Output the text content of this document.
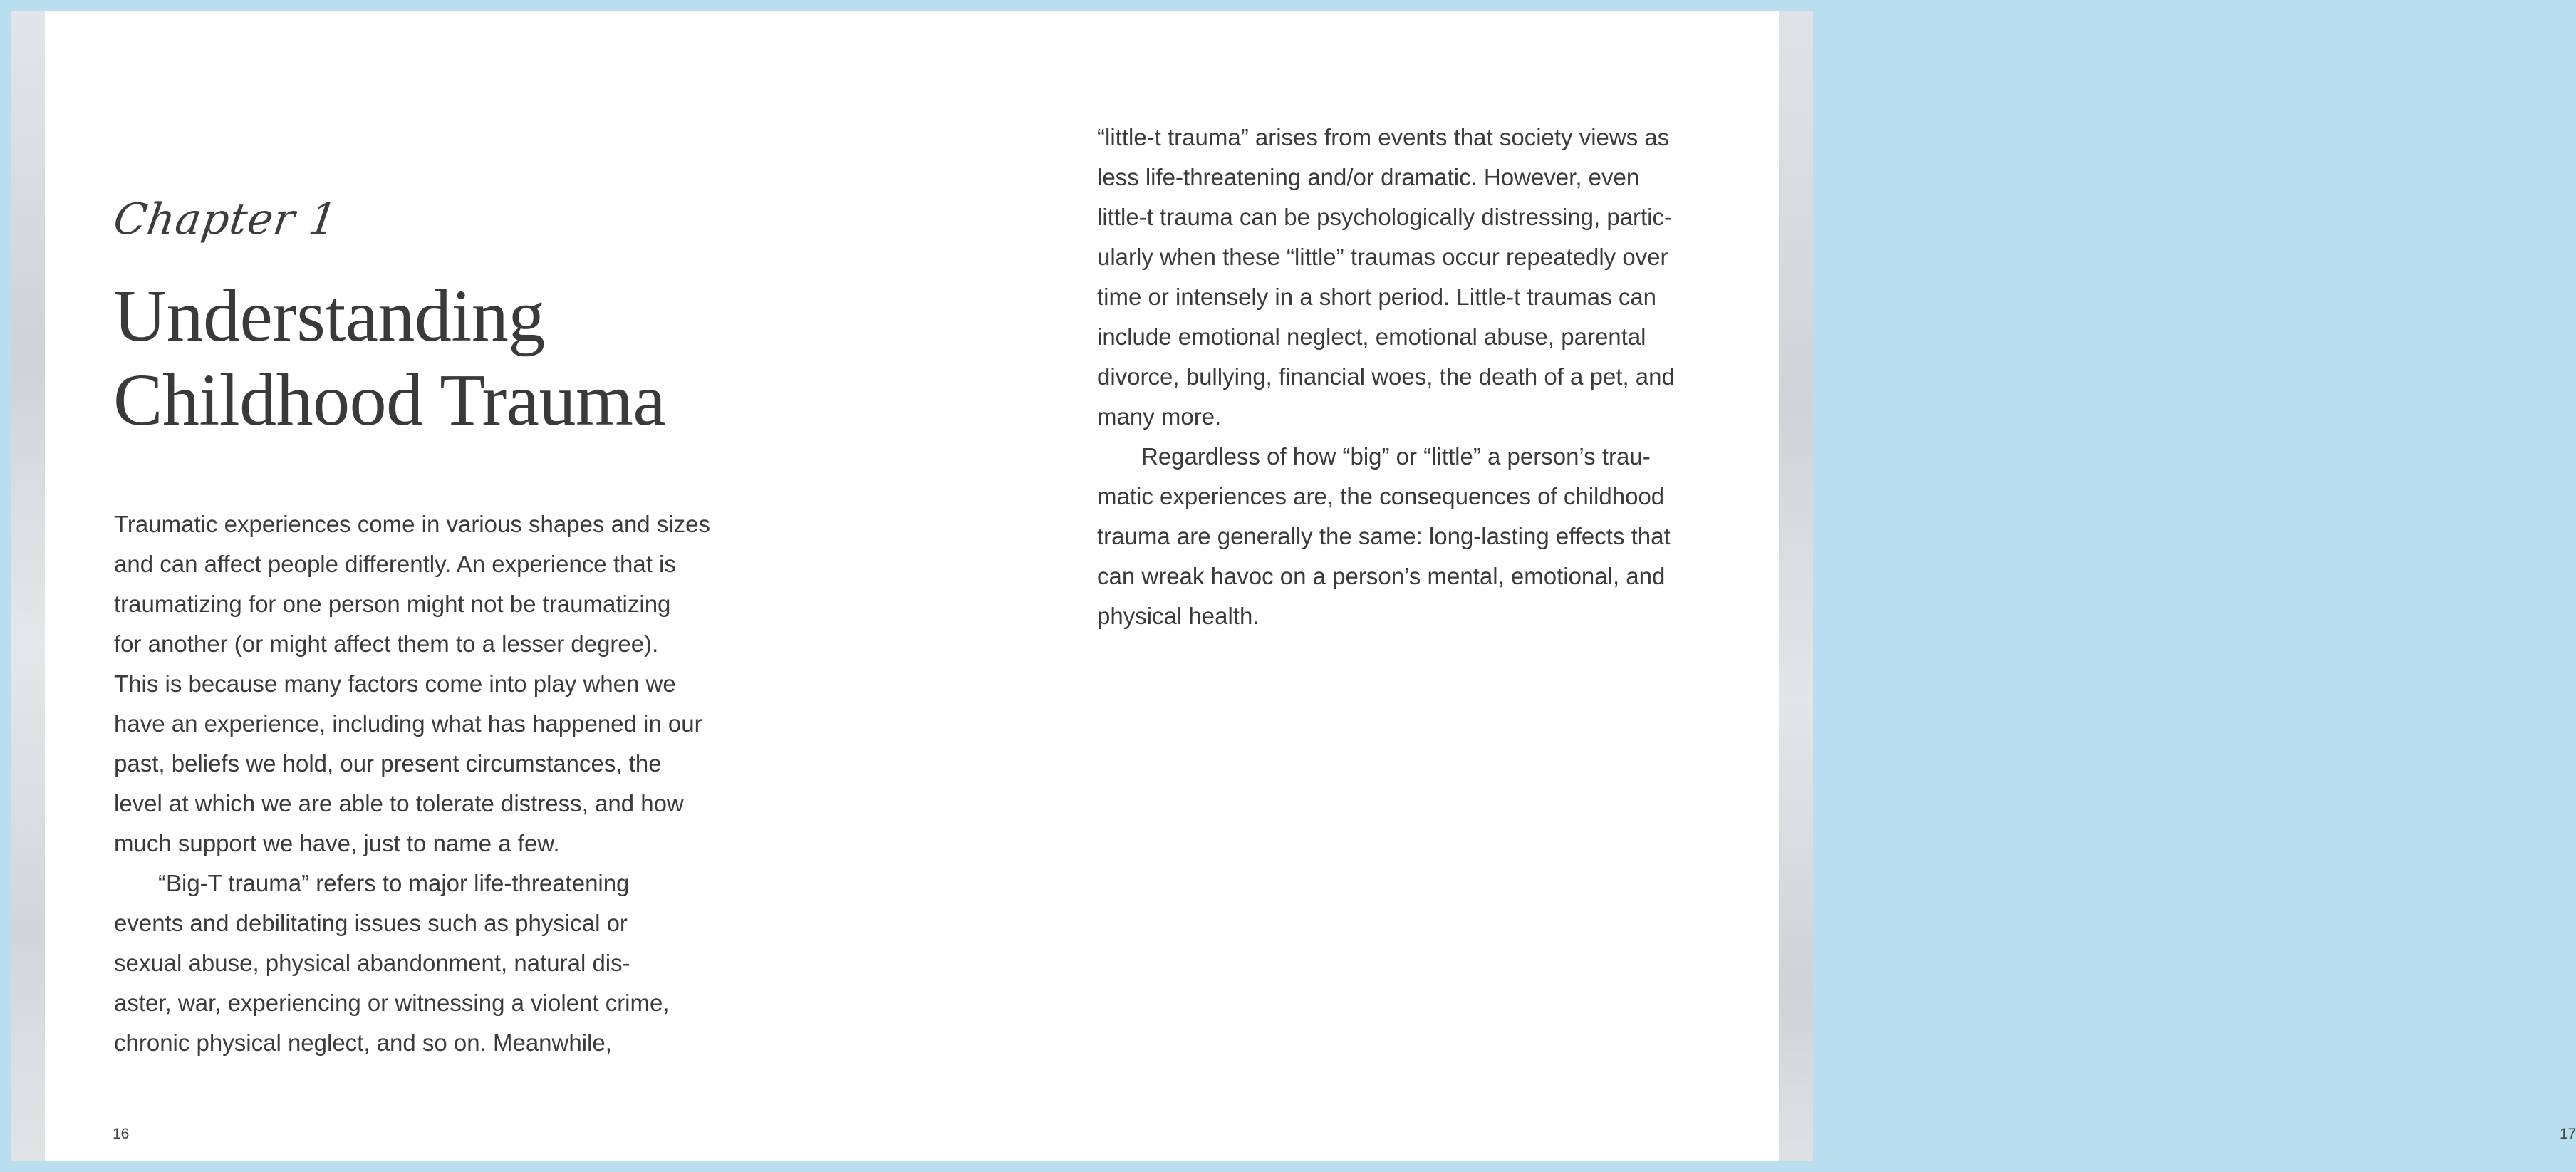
Chapter 1
Understanding
Childhood Trauma
Traumatic experiences come in various shapes and sizes
and can affect people differently. An experience that is
traumatizing for one person might not be traumatizing
for another (or might affect them to a lesser degree).
This is because many factors come into play when we
have an experience, including what has happened in our
past, beliefs we hold, our present circumstances, the
level at which we are able to tolerate distress, and how
much support we have, just to name a few.
“Big-T trauma” refers to major life-threatening
events and debilitating issues such as physical or
sexual abuse, physical abandonment, natural dis-
aster, war, experiencing or witnessing a violent crime,
chronic physical neglect, and so on. Meanwhile,
16	17
“little-t trauma” arises from events that society views as
less life-threatening and/or dramatic. However, even
little-t trauma can be psychologically distressing, partic-
ularly when these “little” traumas occur repeatedly over
time or intensely in a short period. Little-t traumas can
include emotional neglect, emotional abuse, parental
divorce, bullying, financial woes, the death of a pet, and
many more.
Regardless of how “big” or “little” a person’s trau-
matic experiences are, the consequences of childhood
trauma are generally the same: long-lasting effects that
can wreak havoc on a person’s mental, emotional, and
physical health.
